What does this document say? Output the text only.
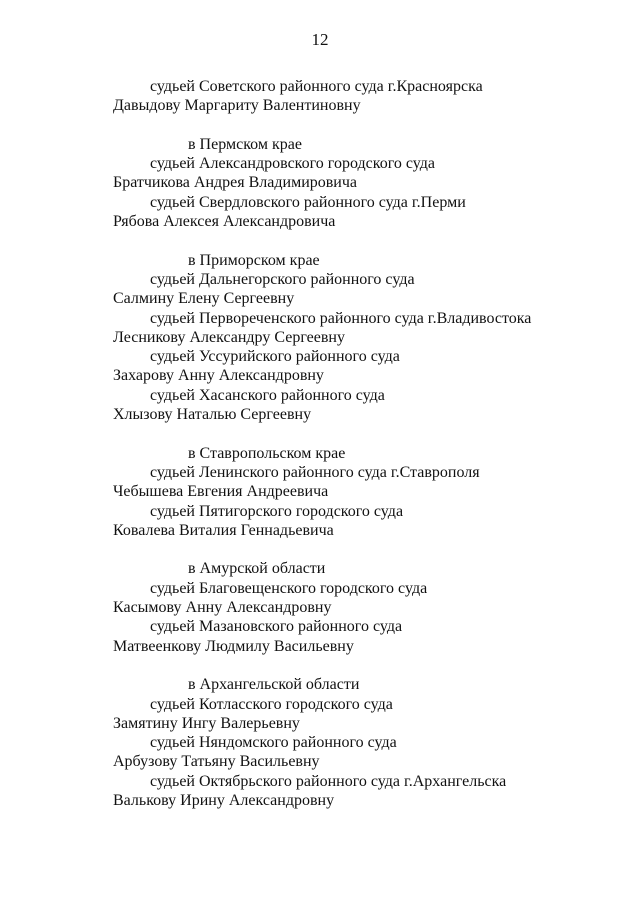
12
судьей Советского районного суда г.Красноярска
Давыдову Маргариту Валентиновну
в Пермском крае
судьей Александровского городского суда
Братчикова Андрея Владимировича
судьей Свердловского районного суда г.Перми
Рябова Алексея Александровича
в Приморском крае
судьей Дальнегорского районного суда
Салмину Елену Сергеевну
судьей Первореченского районного суда г.Владивостока
Лесникову Александру Сергеевну
судьей Уссурийского районного суда
Захарову Анну Александровну
судьей Хасанского районного суда
Хлызову Наталью Сергеевну
в Ставропольском крае
судьей Ленинского районного суда г.Ставрополя
Чебышева Евгения Андреевича
судьей Пятигорского городского суда
Ковалева Виталия Геннадьевича
в Амурской области
судьей Благовещенского городского суда
Касымову Анну Александровну
судьей Мазановского районного суда
Матвеенкову Людмилу Васильевну
в Архангельской области
судьей Котласского городского суда
Замятину Ингу Валерьевну
судьей Няндомского районного суда
Арбузову Татьяну Васильевну
судьей Октябрьского районного суда г.Архангельска
Валькову Ирину Александровну
